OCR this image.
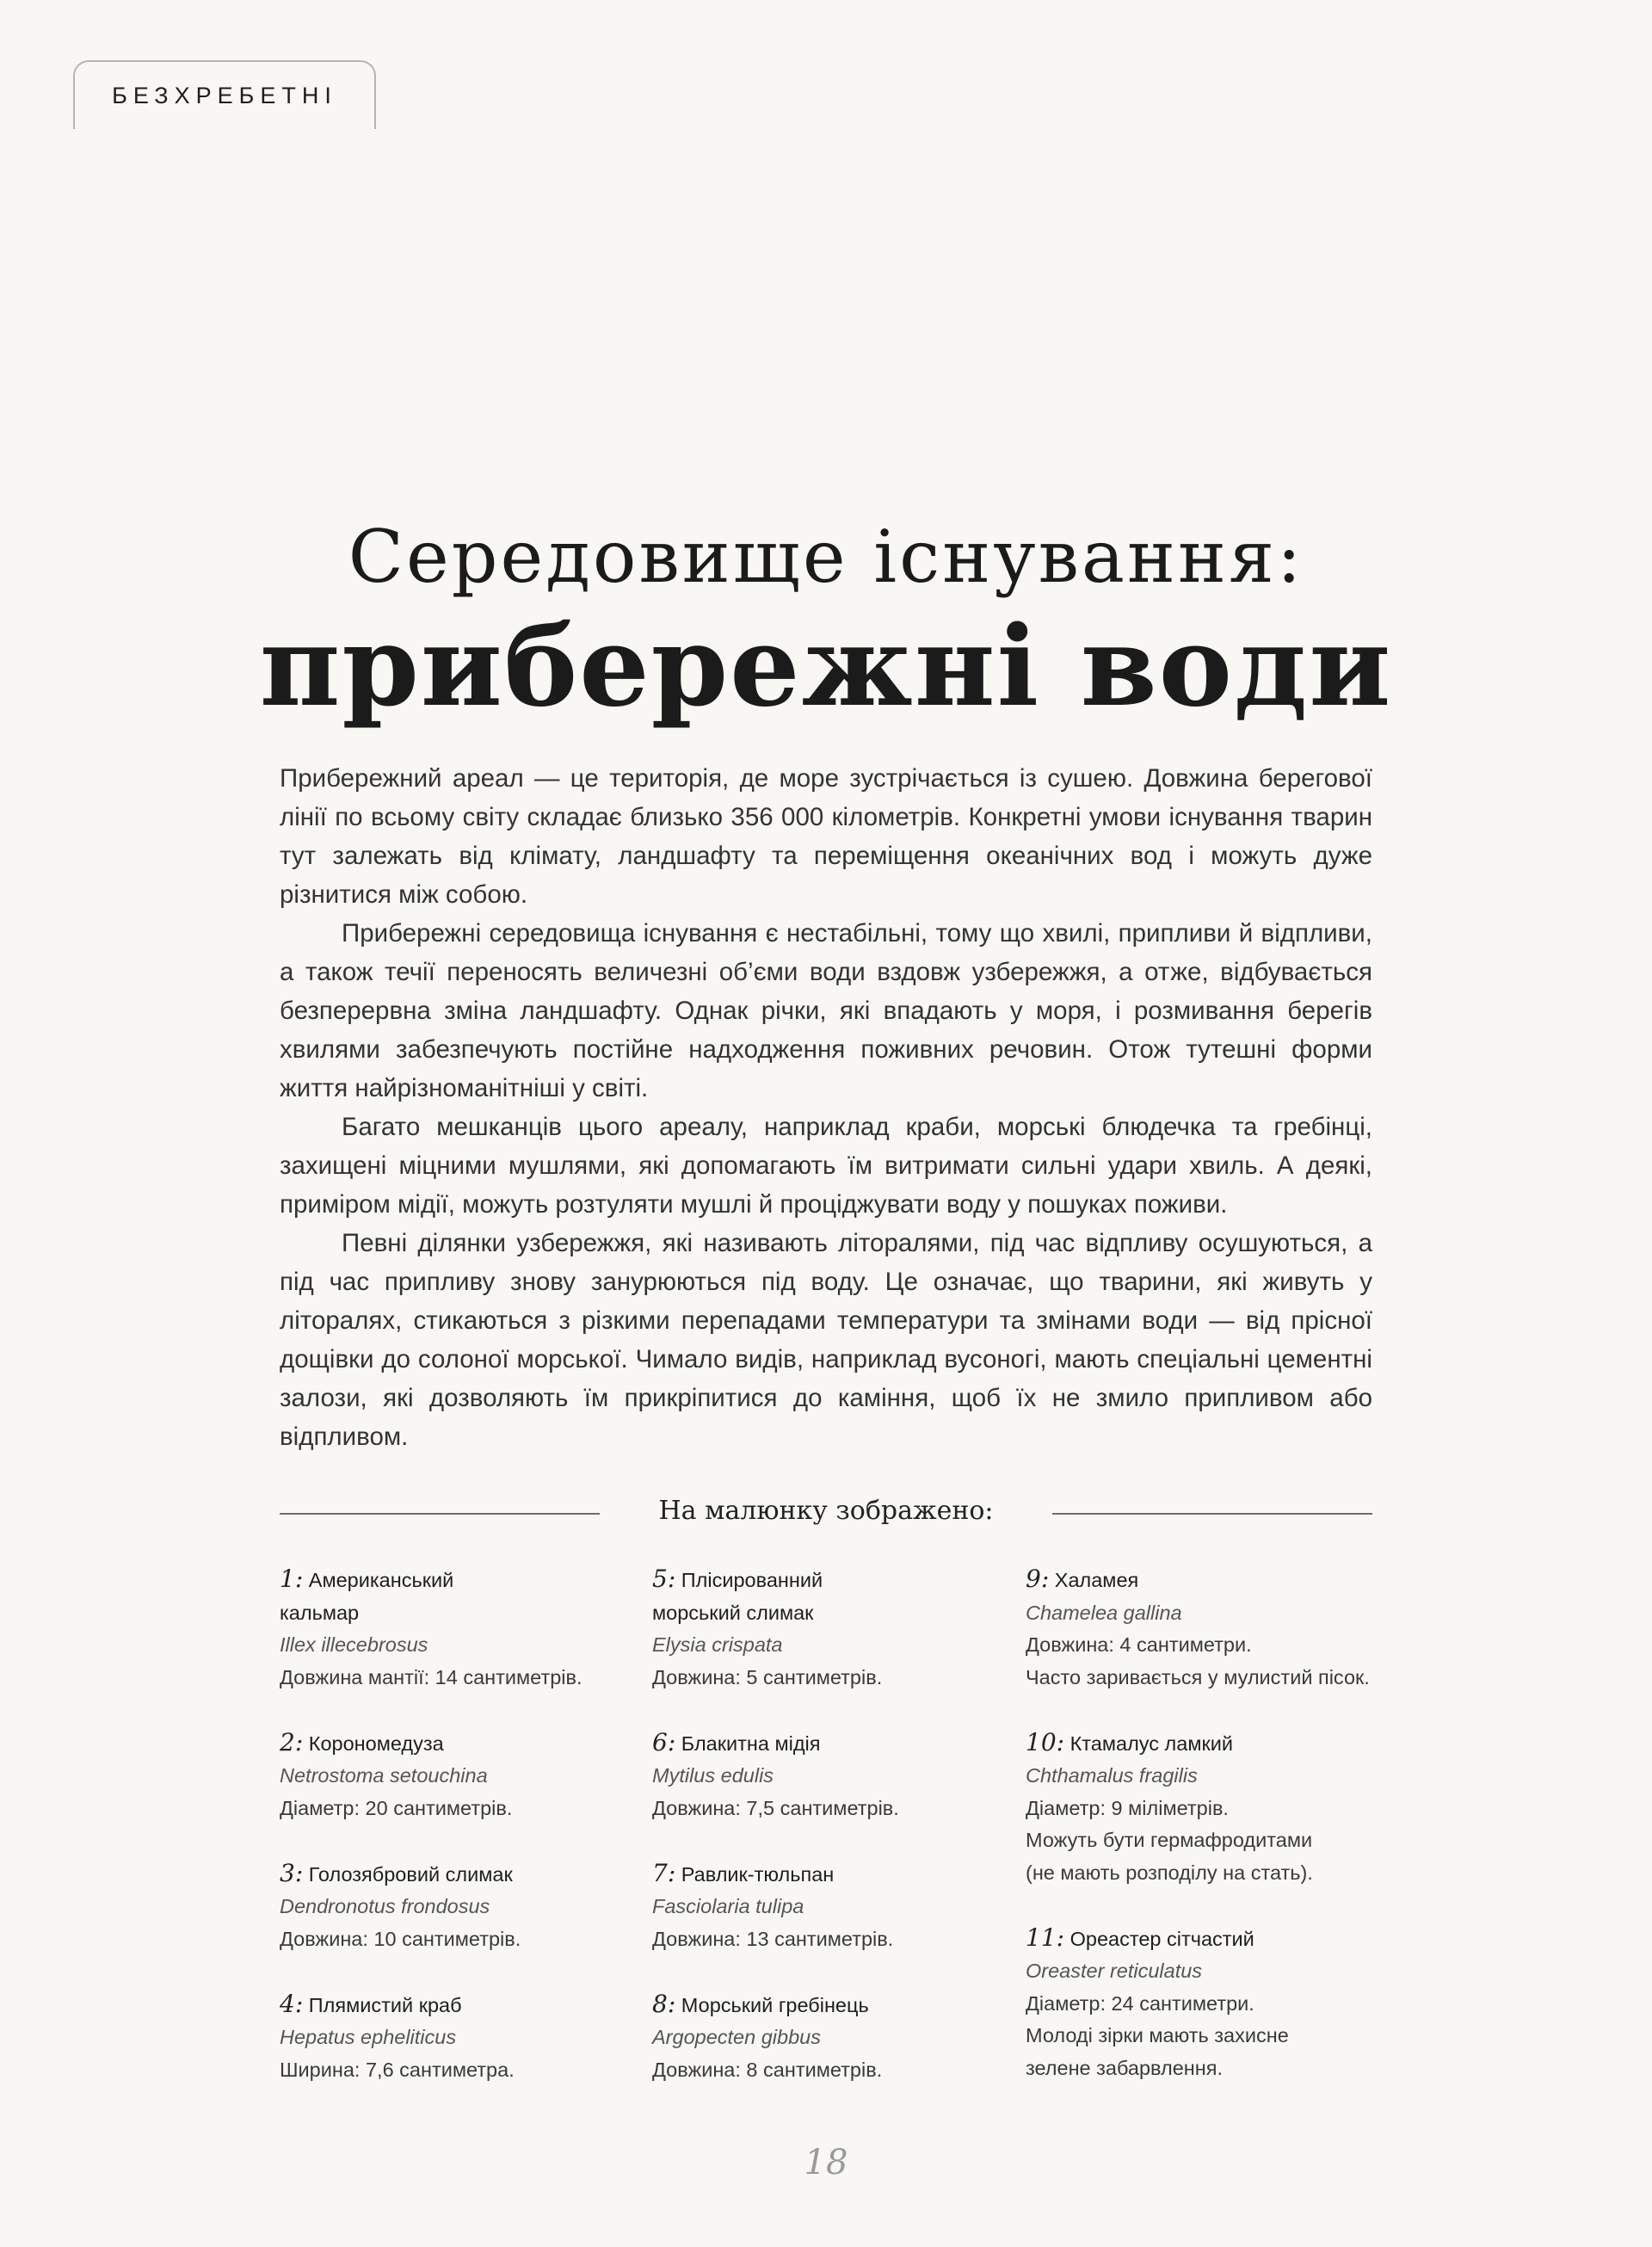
БЕЗХРЕБЕТНІ
Середовище існування:
прибережні води

Прибережний ареал — це територія, де море зустрічається із сушею. Довжина берегової лінії по всьому світу складає близько 356 000 кілометрів. Конкретні умови існування тварин тут залежать від клімату, ландшафту та переміщення океанічних вод і можуть дуже різнитися між собою.

Прибережні середовища існування є нестабільні, тому що хвилі, припливи й відпливи, а також течії переносять величезні об’єми води вздовж узбережжя, а отже, відбувається безперервна зміна ландшафту. Однак річки, які впадають у моря, і розмивання берегів хвилями забезпечують постійне надходження поживних речовин. Отож тутешні форми життя найрізноманітніші у світі.

Багато мешканців цього ареалу, наприклад краби, морські блюдечка та гребінці, захищені міцними мушлями, які допомагають їм витримати сильні удари хвиль. А деякі, приміром мідії, можуть розтуляти мушлі й проціджувати воду у пошуках поживи.

Певні ділянки узбережжя, які називають літоралями, під час відпливу осушуються, а під час припливу знову занурюються під воду. Це означає, що тварини, які живуть у літоралях, стикаються з різкими перепадами температури та змінами води — від прісної дощівки до солоної морської. Чимало видів, наприклад вусоногі, мають спеціальні цементні залози, які дозволяють їм прикріпитися до каміння, щоб їх не змило припливом або відпливом.

На малюнку зображено:
1: Американський кальмар
Illex illecebrosus
Довжина мантії: 14 сантиметрів.
2: Корономедуза
Netrostoma setouchina
Діаметр: 20 сантиметрів.
3: Голозябровий слимак
Dendronotus frondosus
Довжина: 10 сантиметрів.
4: Плямистий краб
Hepatus epheliticus
Ширина: 7,6 сантиметра.
5: Плісированний морський слимак
Elysia crispata
Довжина: 5 сантиметрів.
6: Блакитна мідія
Mytilus edulis
Довжина: 7,5 сантиметрів.
7: Равлик-тюльпан
Fasciolaria tulipa
Довжина: 13 сантиметрів.
8: Морський гребінець
Argopecten gibbus
Довжина: 8 сантиметрів.
9: Халамея
Chamelea gallina
Довжина: 4 сантиметри.
Часто заривається у мулистий пісок.
10: Ктамалус ламкий
Chthamalus fragilis
Діаметр: 9 міліметрів.
Можуть бути гермафродитами
(не мають розподілу на стать).
11: Ореастер сітчастий
Oreaster reticulatus
Діаметр: 24 сантиметри.
Молоді зірки мають захисне
зелене забарвлення.
18
